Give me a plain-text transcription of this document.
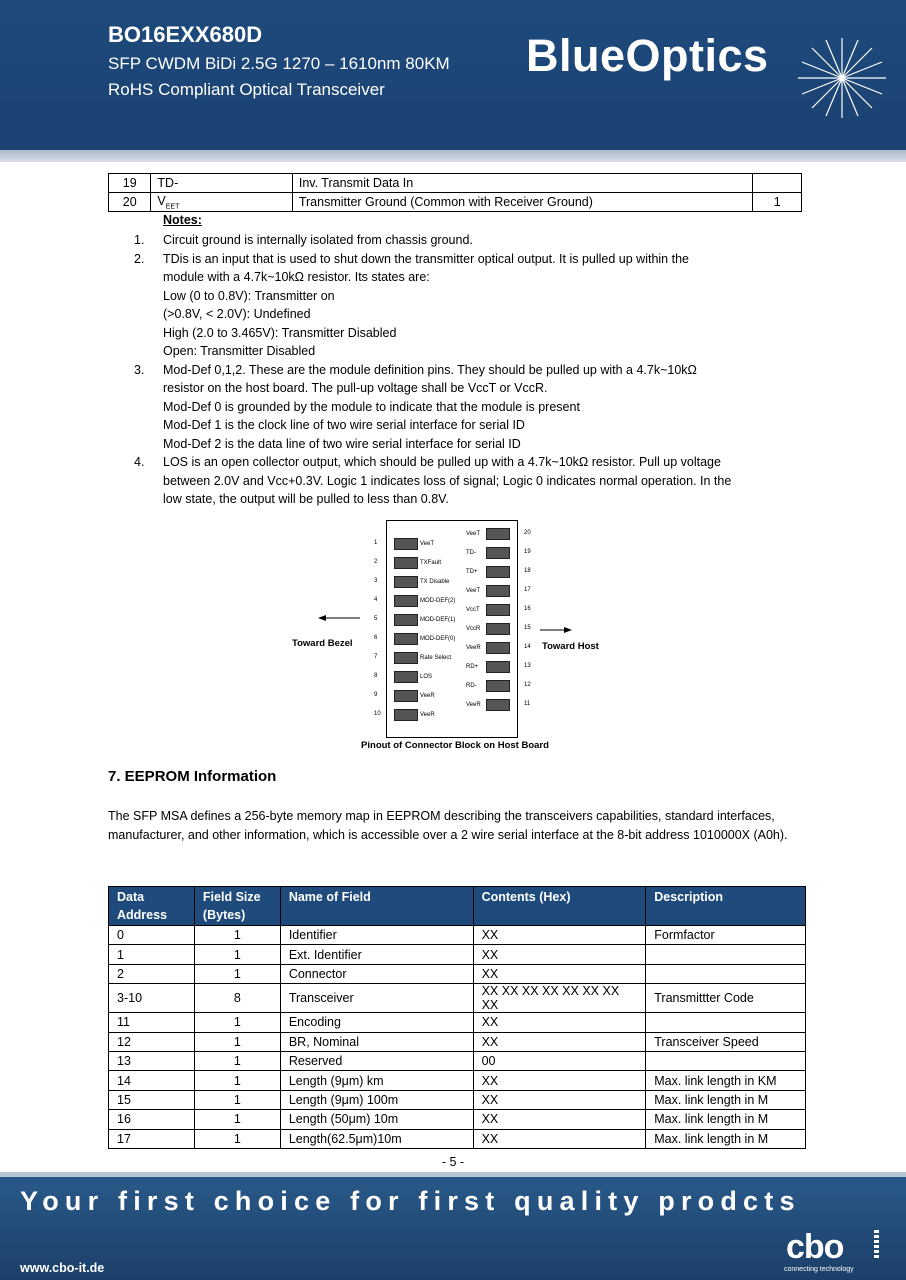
BO16EXX680D
SFP CWDM BiDi 2.5G 1270 – 1610nm 80KM
RoHS Compliant Optical Transceiver
BlueOptics
19	TD-	Inv. Transmit Data In	
20	$V_{EET}$	Transmitter Ground (Common with Receiver Ground)	1
Notes:
1. Circuit ground is internally isolated from chassis ground.
2. TDis is an input that is used to shut down the transmitter optical output. It is pulled up within the
module with a 4.7k~10kΩ resistor. Its states are:
Low (0 to 0.8V): Transmitter on
(>0.8V, < 2.0V): Undefined
High (2.0 to 3.465V): Transmitter Disabled
Open: Transmitter Disabled
3. Mod-Def 0,1,2. These are the module definition pins. They should be pulled up with a 4.7k~10kΩ
resistor on the host board. The pull-up voltage shall be VccT or VccR.
Mod-Def 0 is grounded by the module to indicate that the module is present
Mod-Def 1 is the clock line of two wire serial interface for serial ID
Mod-Def 2 is the data line of two wire serial interface for serial ID
4. LOS is an open collector output, which should be pulled up with a 4.7k~10kΩ resistor. Pull up voltage
between 2.0V and Vcc+0.3V. Logic 1 indicates loss of signal; Logic 0 indicates normal operation. In the
low state, the output will be pulled to less than 0.8V.
Toward Bezel	Toward Host
Pinout of Connector Block on Host Board
1	VeeT
2	TXFault
3	TX Disable
4	MOD-DEF(2)
5	MOD-DEF(1)
6	MOD-DEF(0)
7	Rate Select
8	LOS
9	VeeR
10	VeeR
VeeT	20
TD-	19
TD+	18
VeeT	17
VccT	16
VccR	15
VeeR	14
RD+	13
RD-	12
VeeR	11
7. EEPROM Information
The SFP MSA defines a 256-byte memory map in EEPROM describing the transceivers capabilities, standard interfaces, manufacturer, and other information, which is accessible over a 2 wire serial interface at the 8-bit address 1010000X (A0h).
Data Address	Field Size (Bytes)	Name of Field	Contents (Hex)	Description
0	1	Identifier	XX	Formfactor
1	1	Ext. Identifier	XX	
2	1	Connector	XX	
3-10	8	Transceiver	XX XX XX XX XX XX XX XX	Transmittter Code
11	1	Encoding	XX	
12	1	BR, Nominal	XX	Transceiver Speed
13	1	Reserved	00	
14	1	Length (9μm) km	XX	Max. link length in KM
15	1	Length (9μm) 100m	XX	Max. link length in M
16	1	Length (50μm) 10m	XX	Max. link length in M
17	1	Length(62.5μm)10m	XX	Max. link length in M
- 5 -
Your first choice for first quality prodcts
www.cbo-it.de
cbo
connecting technology
